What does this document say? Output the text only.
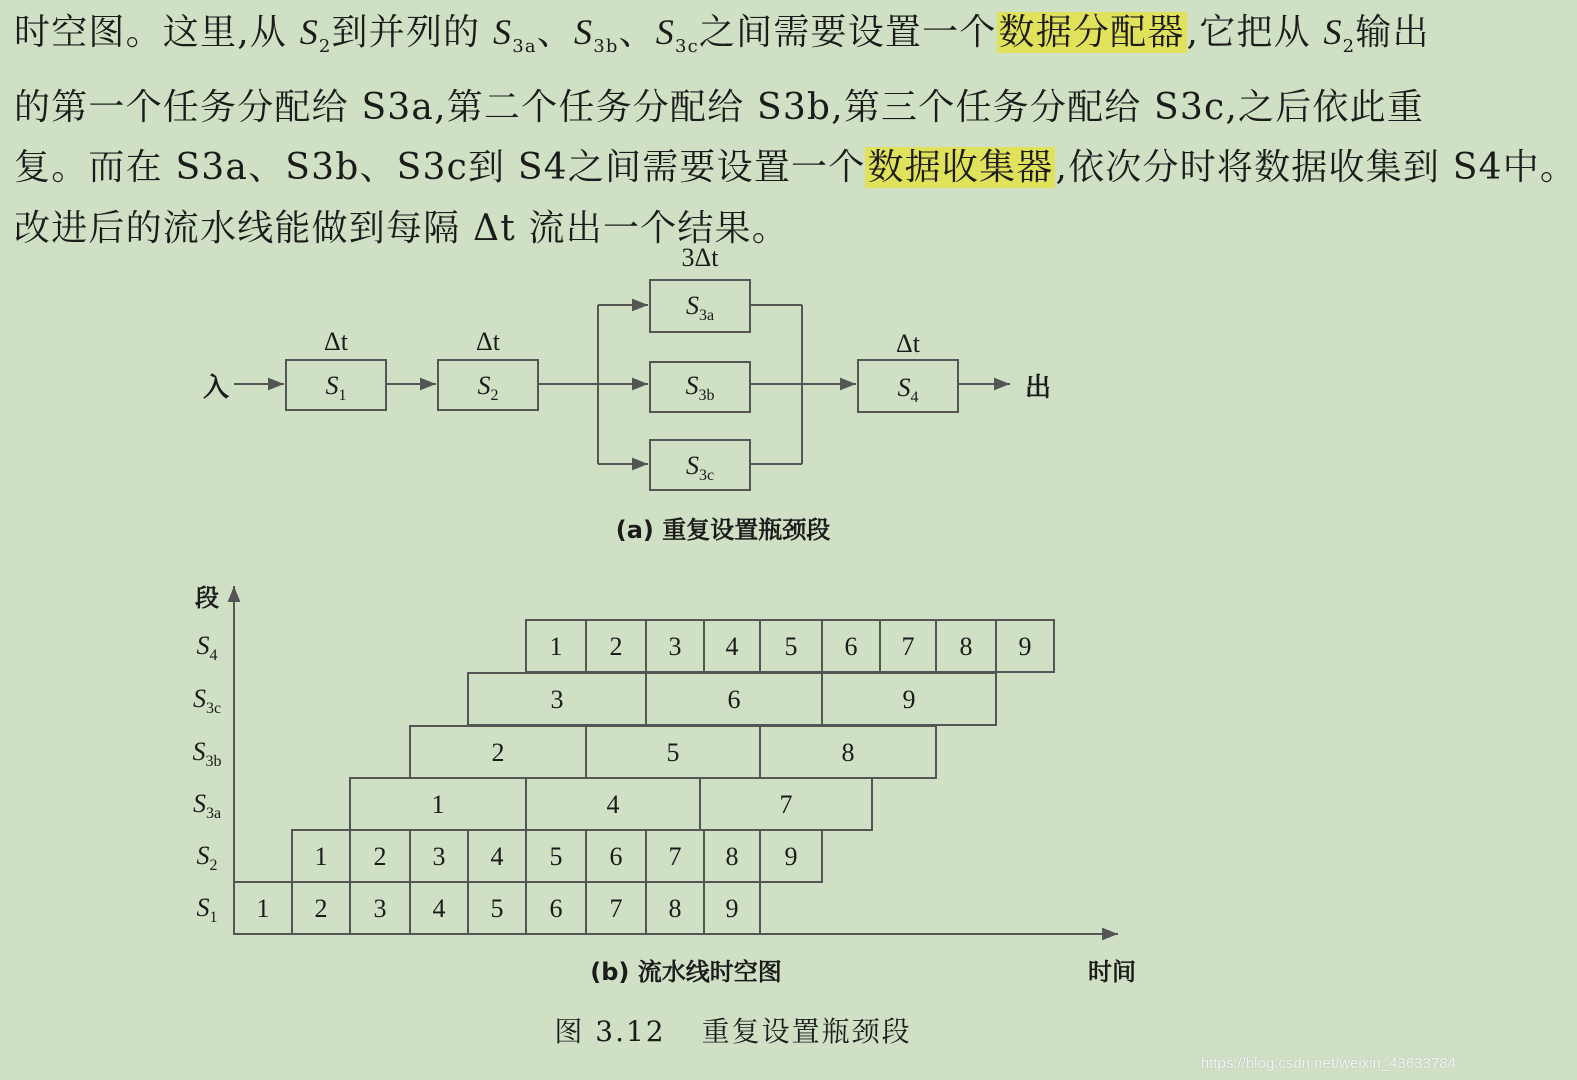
时空图。这里,从 $S_2$到并列的 $S_{3a}$、$S_{3b}$、$S_{3c}$之间需要设置一个数据分配器,它把从 $S_2$输出
的第一个任务分配给 S3a,第二个任务分配给 S3b,第三个任务分配给 S3c,之后依此重
复。而在 S3a、S3b、S3c到 S4之间需要设置一个数据收集器,依次分时将数据收集到 S4中。
改进后的流水线能做到每隔 Δt 流出一个结果。
入	出
$S_1$
Δt
$S_2$
Δt
$S_{3a}$
3Δt
$S_{3b}$
$S_{3c}$
$S_4$
Δt
(a) 重复设置瓶颈段
段
时间
(b) 流水线时空图
$S_4$	1 2 3 4 5 6 7 8 9
$S_{3c}$	3	6	9
$S_{3b}$	2	5	8
$S_{3a}$	1	4	7
$S_2$	1 2 3 4 5 6 7 8 9
$S_1$ 1 2 3 4 5 6 7 8 9
图 3.12 重复设置瓶颈段
https://blog.csdn.net/weixin_43633784
